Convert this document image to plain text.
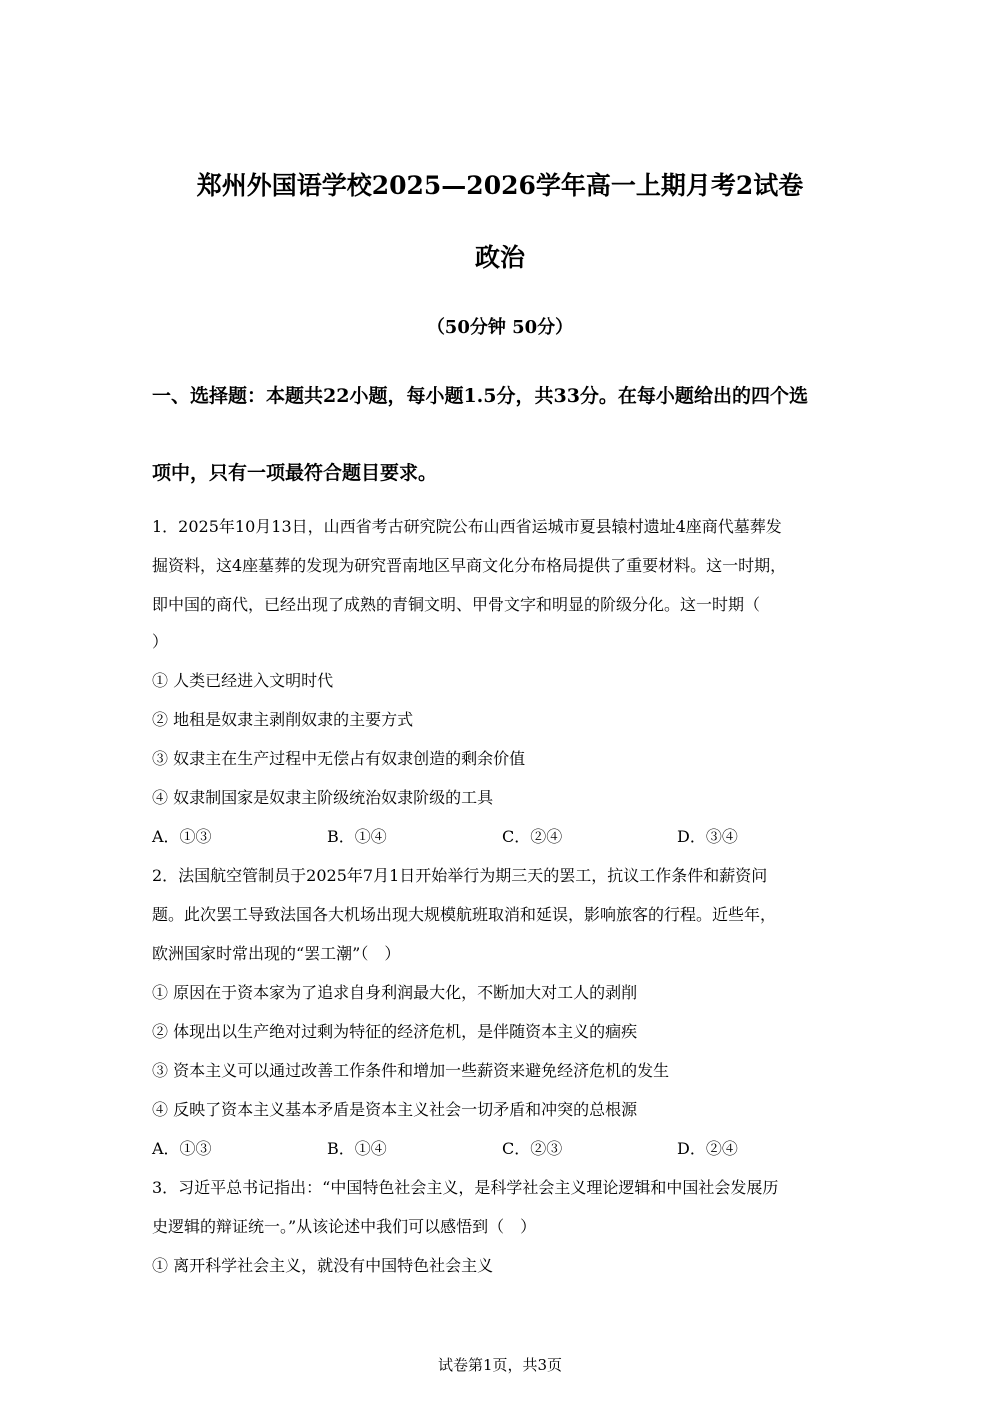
郑州外国语学校2025—2026学年高一上期月考2试卷
政治
（50分钟 50分）
一、选择题：本题共22小题，每小题1.5分，共33分。在每小题给出的四个选
项中，只有一项最符合题目要求。
1．2025年10月13日，山西省考古研究院公布山西省运城市夏县辕村遗址4座商代墓葬发
掘资料，这4座墓葬的发现为研究晋南地区早商文化分布格局提供了重要材料。这一时期，
即中国的商代，已经出现了成熟的青铜文明、甲骨文字和明显的阶级分化。这一时期（
）
① 人类已经进入文明时代
② 地租是奴隶主剥削奴隶的主要方式
③ 奴隶主在生产过程中无偿占有奴隶创造的剩余价值
④ 奴隶制国家是奴隶主阶级统治奴隶阶级的工具
A．①③	B．①④	C．②④	D．③④
2．法国航空管制员于2025年7月1日开始举行为期三天的罢工，抗议工作条件和薪资问
题。此次罢工导致法国各大机场出现大规模航班取消和延误，影响旅客的行程。近些年，
欧洲国家时常出现的“罢工潮”（　）
① 原因在于资本家为了追求自身利润最大化，不断加大对工人的剥削
② 体现出以生产绝对过剩为特征的经济危机，是伴随资本主义的痼疾
③ 资本主义可以通过改善工作条件和增加一些薪资来避免经济危机的发生
④ 反映了资本主义基本矛盾是资本主义社会一切矛盾和冲突的总根源
A．①③	B．①④	C．②③	D．②④
3．习近平总书记指出：“中国特色社会主义，是科学社会主义理论逻辑和中国社会发展历
史逻辑的辩证统一。”从该论述中我们可以感悟到（　）
① 离开科学社会主义，就没有中国特色社会主义
试卷第1页，共3页
